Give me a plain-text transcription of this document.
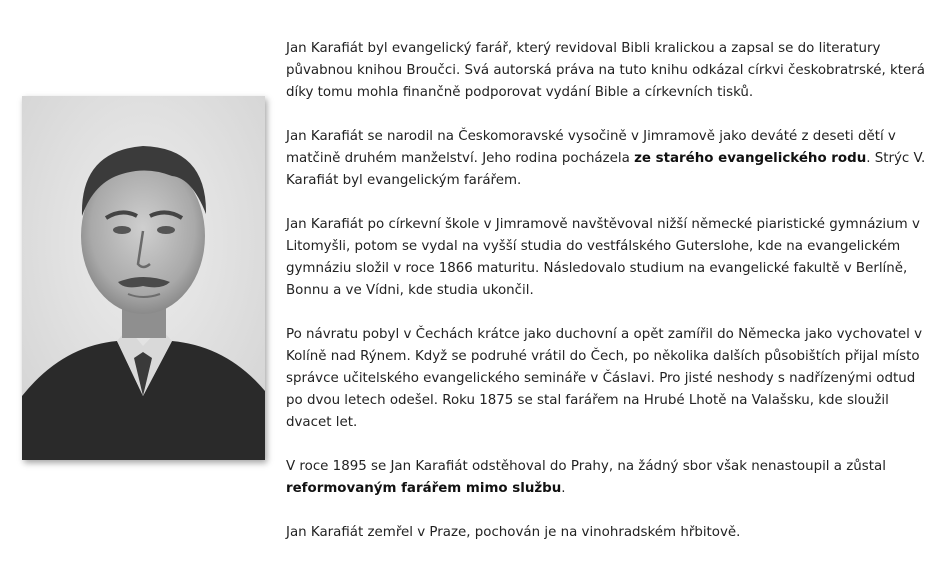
Jan Karafiát byl evangelický farář, který revidoval Bibli kralickou a zapsal se do literatury půvabnou knihou Broučci. Svá autorská práva na tuto knihu odkázal církvi českobratrské, která díky tomu mohla finančně podporovat vydání Bible a církevních tisků.

Jan Karafiát se narodil na Českomoravské vysočině v Jimramově jako deváté z deseti dětí v matčině druhém manželství. Jeho rodina pocházela ze starého evangelického rodu. Strýc V. Karafiát byl evangelickým farářem.

Jan Karafiát po církevní škole v Jimramově navštěvoval nižší německé piaristické gymnázium v Litomyšli, potom se vydal na vyšší studia do vestfálského Guterslohe, kde na evangelickém gymnáziu složil v roce 1866 maturitu. Následovalo studium na evangelické fakultě v Berlíně, Bonnu a ve Vídni, kde studia ukončil.

Po návratu pobyl v Čechách krátce jako duchovní a opět zamířil do Německa jako vychovatel v Kolíně nad Rýnem. Když se podruhé vrátil do Čech, po několika dalších působištích přijal místo správce učitelského evangelického semináře v Čáslavi. Pro jisté neshody s nadřízenými odtud po dvou letech odešel. Roku 1875 se stal farářem na Hrubé Lhotě na Valašsku, kde sloužil dvacet let.

V roce 1895 se Jan Karafiát odstěhoval do Prahy, na žádný sbor však nenastoupil a zůstal reformovaným farářem mimo službu.

Jan Karafiát zemřel v Praze, pochován je na vinohradském hřbitově.
